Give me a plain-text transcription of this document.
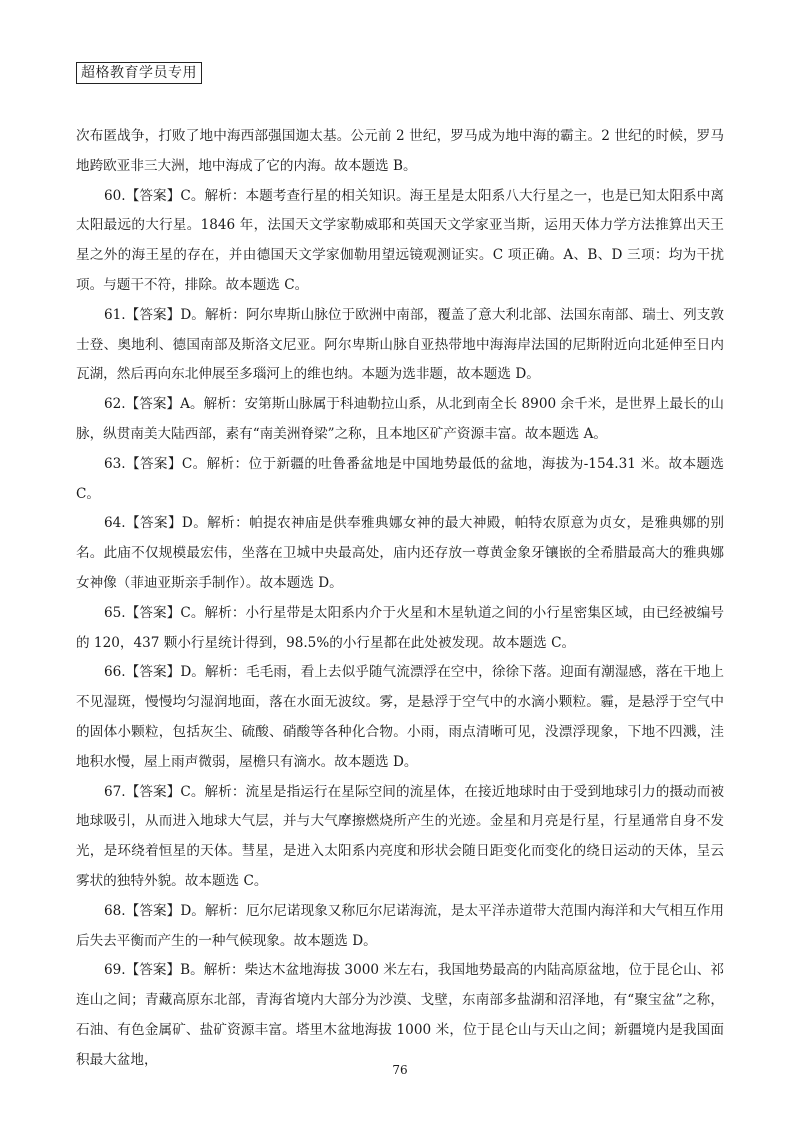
超格教育学员专用

次布匿战争，打败了地中海西部强国迦太基。公元前 2 世纪，罗马成为地中海的霸主。2 世纪的时候，罗马地跨欧亚非三大洲，地中海成了它的内海。故本题选 B。

60.【答案】C。解析：本题考查行星的相关知识。海王星是太阳系八大行星之一，也是已知太阳系中离太阳最远的大行星。1846 年，法国天文学家勒威耶和英国天文学家亚当斯，运用天体力学方法推算出天王星之外的海王星的存在，并由德国天文学家伽勒用望远镜观测证实。C 项正确。A、B、D 三项：均为干扰项。与题干不符，排除。故本题选 C。

61.【答案】D。解析：阿尔卑斯山脉位于欧洲中南部，覆盖了意大利北部、法国东南部、瑞士、列支敦士登、奥地利、德国南部及斯洛文尼亚。阿尔卑斯山脉自亚热带地中海海岸法国的尼斯附近向北延伸至日内瓦湖，然后再向东北伸展至多瑙河上的维也纳。本题为选非题，故本题选 D。

62.【答案】A。解析：安第斯山脉属于科迪勒拉山系，从北到南全长 8900 余千米，是世界上最长的山脉，纵贯南美大陆西部，素有“南美洲脊梁”之称，且本地区矿产资源丰富。故本题选 A。

63.【答案】C。解析：位于新疆的吐鲁番盆地是中国地势最低的盆地，海拔为-154.31 米。故本题选 C。

64.【答案】D。解析：帕提农神庙是供奉雅典娜女神的最大神殿，帕特农原意为贞女，是雅典娜的别名。此庙不仅规模最宏伟，坐落在卫城中央最高处，庙内还存放一尊黄金象牙镶嵌的全希腊最高大的雅典娜女神像（菲迪亚斯亲手制作）。故本题选 D。

65.【答案】C。解析：小行星带是太阳系内介于火星和木星轨道之间的小行星密集区域，由已经被编号的 120，437 颗小行星统计得到，98.5%的小行星都在此处被发现。故本题选 C。

66.【答案】D。解析：毛毛雨，看上去似乎随气流漂浮在空中，徐徐下落。迎面有潮湿感，落在干地上不见湿斑，慢慢均匀湿润地面，落在水面无波纹。雾，是悬浮于空气中的水滴小颗粒。霾，是悬浮于空气中的固体小颗粒，包括灰尘、硫酸、硝酸等各种化合物。小雨，雨点清晰可见，没漂浮现象，下地不四溅，洼地积水慢，屋上雨声微弱，屋檐只有滴水。故本题选 D。

67.【答案】C。解析：流星是指运行在星际空间的流星体，在接近地球时由于受到地球引力的摄动而被地球吸引，从而进入地球大气层，并与大气摩擦燃烧所产生的光迹。金星和月亮是行星，行星通常自身不发光，是环绕着恒星的天体。彗星，是进入太阳系内亮度和形状会随日距变化而变化的绕日运动的天体，呈云雾状的独特外貌。故本题选 C。

68.【答案】D。解析：厄尔尼诺现象又称厄尔尼诺海流，是太平洋赤道带大范围内海洋和大气相互作用后失去平衡而产生的一种气候现象。故本题选 D。

69.【答案】B。解析：柴达木盆地海拔 3000 米左右，我国地势最高的内陆高原盆地，位于昆仑山、祁连山之间；青藏高原东北部，青海省境内大部分为沙漠、戈壁，东南部多盐湖和沼泽地，有“聚宝盆”之称，石油、有色金属矿、盐矿资源丰富。塔里木盆地海拔 1000 米，位于昆仑山与天山之间；新疆境内是我国面积最大盆地，

76
